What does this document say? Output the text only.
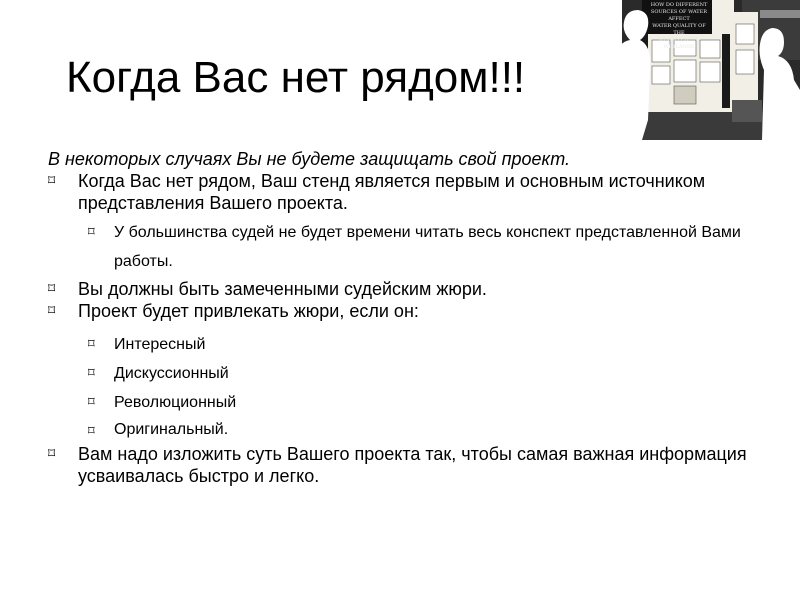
Когда Вас нет рядом!!!
HOW DO DIFFERENT
SOURCES OF WATER AFFECT
WATER QUALITY OF THE
WOODS CREEK WETLANDS
В некоторых случаях Вы не будете защищать свой проект.
⌑	Когда Вас нет рядом, Ваш стенд является первым и основным источником представления Вашего проекта.
⌑	У большинства судей не будет времени читать весь конспект представленной Вами работы.
⌑	Вы должны быть замеченными судейским жюри.
⌑	Проект будет привлекать жюри, если он:
⌑	Интересный
⌑	Дискуссионный
⌑	Революционный
⌑	Оригинальный.
⌑	Вам надо изложить суть Вашего проекта так, чтобы самая важная информация усваивалась быстро и легко.
